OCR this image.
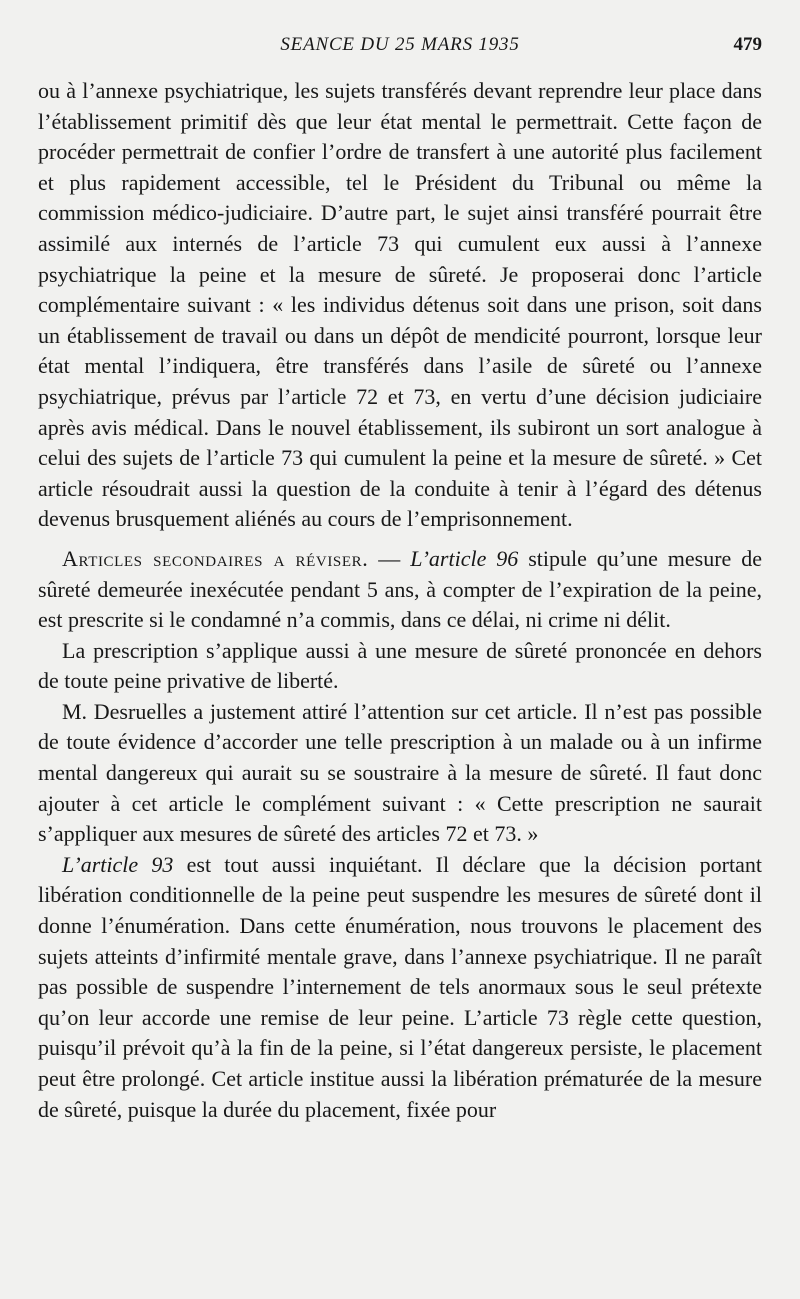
SEANCE DU 25 MARS 1935	479

ou à l’annexe psychiatrique, les sujets transférés devant reprendre leur place dans l’établissement primitif dès que leur état mental le permettrait. Cette façon de procéder permettrait de confier l’ordre de transfert à une autorité plus facilement et plus rapidement accessible, tel le Président du Tribunal ou même la commission médico-judiciaire. D’autre part, le sujet ainsi transféré pourrait être assimilé aux internés de l’article 73 qui cumulent eux aussi à l’annexe psychiatrique la peine et la mesure de sûreté. Je proposerai donc l’article complémentaire suivant : « les individus détenus soit dans une prison, soit dans un établissement de travail ou dans un dépôt de mendicité pourront, lorsque leur état mental l’indiquera, être transférés dans l’asile de sûreté ou l’annexe psychiatrique, prévus par l’article 72 et 73, en vertu d’une décision judiciaire après avis médical. Dans le nouvel établissement, ils subiront un sort analogue à celui des sujets de l’article 73 qui cumulent la peine et la mesure de sûreté. » Cet article résoudrait aussi la question de la conduite à tenir à l’égard des détenus devenus brusquement aliénés au cours de l’emprisonnement.

Articles secondaires a réviser. — L’article 96 stipule qu’une mesure de sûreté demeurée inexécutée pendant 5 ans, à compter de l’expiration de la peine, est prescrite si le condamné n’a commis, dans ce délai, ni crime ni délit.

La prescription s’applique aussi à une mesure de sûreté prononcée en dehors de toute peine privative de liberté.

M. Desruelles a justement attiré l’attention sur cet article. Il n’est pas possible de toute évidence d’accorder une telle prescription à un malade ou à un infirme mental dangereux qui aurait su se soustraire à la mesure de sûreté. Il faut donc ajouter à cet article le complément suivant : « Cette prescription ne saurait s’appliquer aux mesures de sûreté des articles 72 et 73. »

L’article 93 est tout aussi inquiétant. Il déclare que la décision portant libération conditionnelle de la peine peut suspendre les mesures de sûreté dont il donne l’énumération. Dans cette énumération, nous trouvons le placement des sujets atteints d’infirmité mentale grave, dans l’annexe psychiatrique. Il ne paraît pas possible de suspendre l’internement de tels anormaux sous le seul prétexte qu’on leur accorde une remise de leur peine. L’article 73 règle cette question, puisqu’il prévoit qu’à la fin de la peine, si l’état dangereux persiste, le placement peut être prolongé. Cet article institue aussi la libération prématurée de la mesure de sûreté, puisque la durée du placement, fixée pour
